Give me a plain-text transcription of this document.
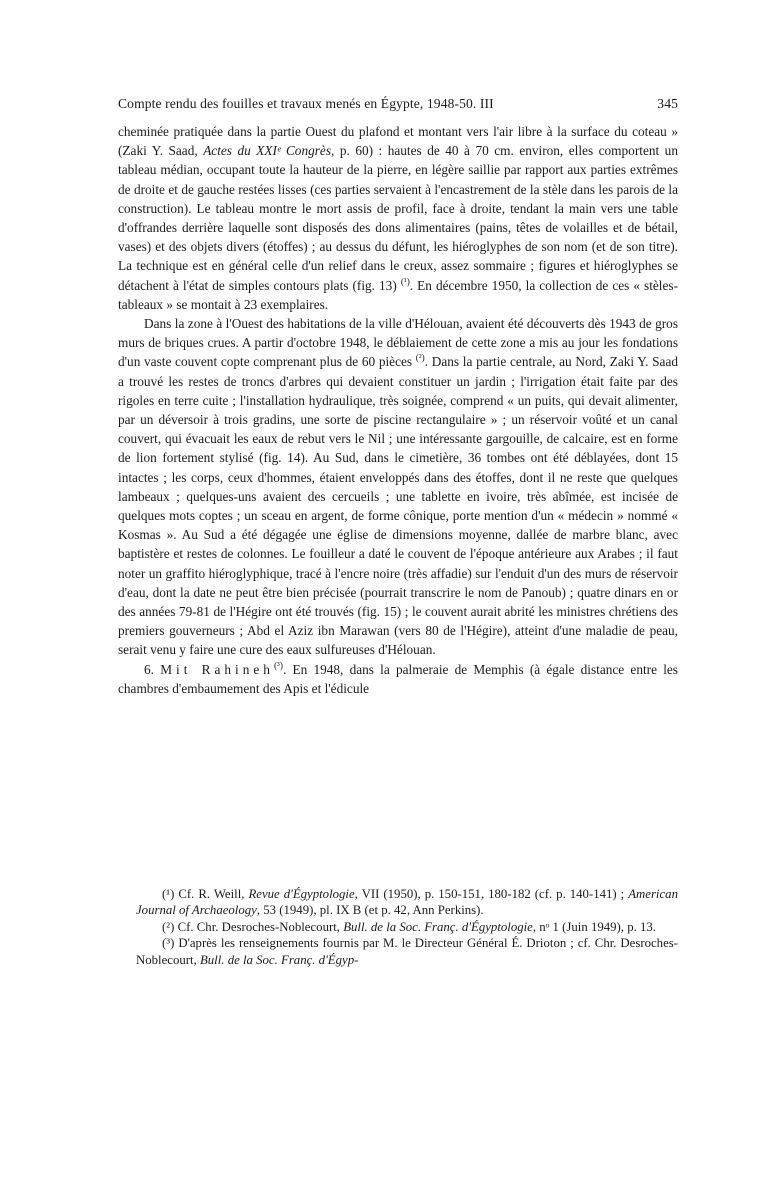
Compte rendu des fouilles et travaux menés en Égypte, 1948-50. III	345

cheminée pratiquée dans la partie Ouest du plafond et montant vers l'air libre à la surface du coteau » (Zaki Y. Saad, Actes du XXIᵉ Congrès, p. 60) : hautes de 40 à 70 cm. environ, elles comportent un tableau médian, occupant toute la hauteur de la pierre, en légère saillie par rapport aux parties extrêmes de droite et de gauche restées lisses (ces parties servaient à l'encastrement de la stèle dans les parois de la construction). Le tableau montre le mort assis de profil, face à droite, tendant la main vers une table d'offrandes derrière laquelle sont disposés des dons alimentaires (pains, têtes de volailles et de bétail, vases) et des objets divers (étoffes) ; au dessus du défunt, les hiéroglyphes de son nom (et de son titre). La technique est en général celle d'un relief dans le creux, assez sommaire ; figures et hiéroglyphes se détachent à l'état de simples contours plats (fig. 13) $^{(^1)}$. En décembre 1950, la collection de ces « stèles-tableaux » se montait à 23 exemplaires.

Dans la zone à l'Ouest des habitations de la ville d'Hélouan, avaient été découverts dès 1943 de gros murs de briques crues. A partir d'octobre 1948, le déblaiement de cette zone a mis au jour les fondations d'un vaste couvent copte comprenant plus de 60 pièces $^{(^2)}$. Dans la partie centrale, au Nord, Zaki Y. Saad a trouvé les restes de troncs d'arbres qui devaient constituer un jardin ; l'irrigation était faite par des rigoles en terre cuite ; l'installation hydraulique, très soignée, comprend « un puits, qui devait alimenter, par un déversoir à trois gradins, une sorte de piscine rectangulaire » ; un réservoir voûté et un canal couvert, qui évacuait les eaux de rebut vers le Nil ; une intéressante gargouille, de calcaire, est en forme de lion fortement stylisé (fig. 14). Au Sud, dans le cimetière, 36 tombes ont été déblayées, dont 15 intactes ; les corps, ceux d'hommes, étaient enveloppés dans des étoffes, dont il ne reste que quelques lambeaux ; quelques-uns avaient des cercueils ; une tablette en ivoire, très abîmée, est incisée de quelques mots coptes ; un sceau en argent, de forme cônique, porte mention d'un « médecin » nommé « Kosmas ». Au Sud a été dégagée une église de dimensions moyenne, dallée de marbre blanc, avec baptistère et restes de colonnes. Le fouilleur a daté le couvent de l'époque antérieure aux Arabes ; il faut noter un graffito hiéroglyphique, tracé à l'encre noire (très affadie) sur l'enduit d'un des murs de réservoir d'eau, dont la date ne peut être bien précisée (pourrait transcrire le nom de Panoub) ; quatre dinars en or des années 79-81 de l'Hégire ont été trouvés (fig. 15) ; le couvent aurait abrité les ministres chrétiens des premiers gouverneurs ; Abd el Aziz ibn Marawan (vers 80 de l'Hégire), atteint d'une maladie de peau, serait venu y faire une cure des eaux sulfureuses d'Hélouan.

6. Mit Rahineh$^{(^3)}$. En 1948, dans la palmeraie de Memphis (à égale distance entre les chambres d'embaumement des Apis et l'édicule

(¹) Cf. R. Weill, Revue d'Égyptologie, VII (1950), p. 150-151, 180-182 (cf. p. 140-141) ; American Journal of Archaeology, 53 (1949), pl. IX B (et p. 42, Ann Perkins).

(²) Cf. Chr. Desroches-Noblecourt, Bull. de la Soc. Franç. d'Égyptologie, nᵒ 1 (Juin 1949), p. 13.

(³) D'après les renseignements fournis par M. le Directeur Général É. Drioton ; cf. Chr. Desroches-Noblecourt, Bull. de la Soc. Franç. d'Égyp-
